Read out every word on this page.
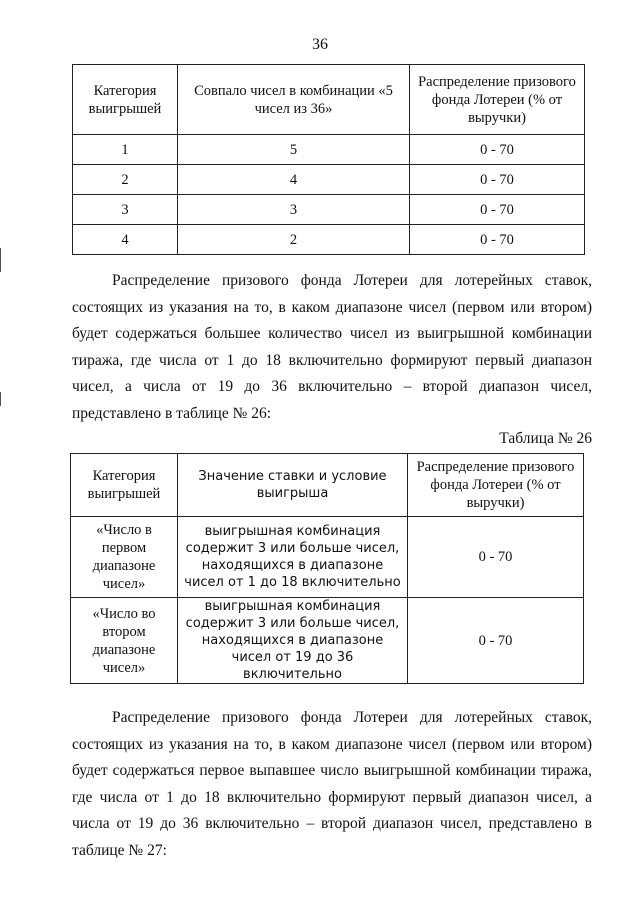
36
Категория выигрышей	Совпало чисел в комбинации «5 чисел из 36»	Распределение призового фонда Лотереи (% от выручки)

1	5	0 - 70
2	4	0 - 70
3	3	0 - 70
4	2	0 - 70

Распределение призового фонда Лотереи для лотерейных ставок, состоящих из указания на то, в каком диапазоне чисел (первом или втором) будет содержаться большее количество чисел из выигрышной комбинации тиража, где числа от 1 до 18 включительно формируют первый диапазон чисел, а числа от 19 до 36 включительно – второй диапазон чисел, представлено в таблице № 26:

Таблица № 26
Категория выигрышей	Значение ставки и условие выигрыша	Распределение призового фонда Лотереи (% от выручки)

«Число в первом диапазоне чисел»	выигрышная комбинация содержит 3 или больше чисел, находящихся в диапазоне чисел от 1 до 18 включительно	0 - 70

«Число во втором диапазоне чисел»	выигрышная комбинация содержит 3 или больше чисел, находящихся в диапазоне чисел от 19 до 36 включительно	0 - 70

Распределение призового фонда Лотереи для лотерейных ставок, состоящих из указания на то, в каком диапазоне чисел (первом или втором) будет содержаться первое выпавшее число выигрышной комбинации тиража, где числа от 1 до 18 включительно формируют первый диапазон чисел, а числа от 19 до 36 включительно – второй диапазон чисел, представлено в таблице № 27:
